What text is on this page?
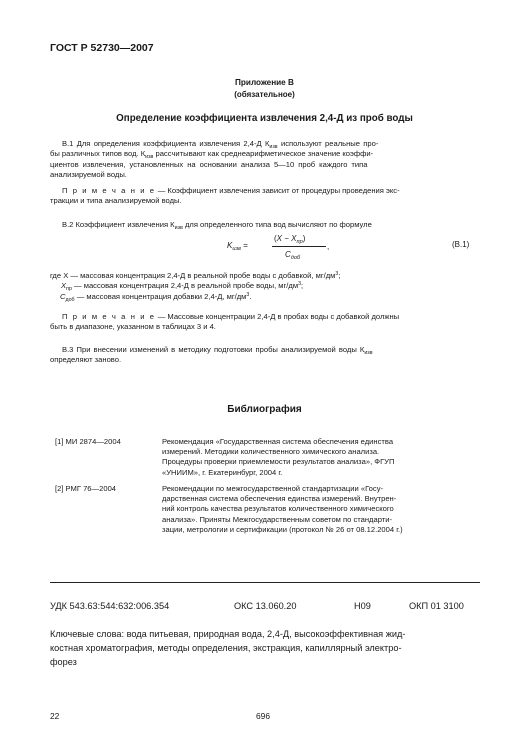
ГОСТ Р 52730—2007
Приложение В
(обязательное)
Определение коэффициента извлечения 2,4-Д из проб воды
В.1 Для определения коэффициента извлечения 2,4-Д $К_{изв}$ используют реальные про-
бы различных типов вод. $К_{изв}$ рассчитывают как среднеарифметическое значение коэффи-
циентов извлечения, установленных на основании анализа 5—10 проб каждого типа
анализируемой воды.
П р и м е ч а н и е — Коэффициент извлечения зависит от процедуры проведения экс-
тракции и типа анализируемой воды.
В.2 Коэффициент извлечения $К_{изв}$ для определенного типа вод вычисляют по формуле
$K_{изв}$ =
$(X - X_{пр})$
$C_{доб}$
,	(В.1)
где X — массовая концентрация 2,4-Д в реальной пробе воды с добавкой, $мг/дм^3$;
$X_{пр}$ — массовая концентрация 2,4-Д в реальной пробе воды, $мг/дм^3$;
$C_{доб}$ — массовая концентрация добавки 2,4-Д, $мг/дм^3$.
П р и м е ч а н и е — Массовые концентрации 2,4-Д в пробах воды с добавкой должны
быть в диапазоне, указанном в таблицах 3 и 4.
В.3 При внесении изменений в методику подготовки пробы анализируемой воды $К_{изв}$
определяют заново.
Библиография
[1] МИ 2874—2004	Рекомендация «Государственная система обеспечения единства
измерений. Методики количественного химического анализа.
Процедуры проверки приемлемости результатов анализа», ФГУП
«УНИИМ», г. Екатеринбург, 2004 г.
[2] РМГ 76—2004	Рекомендации по межгосударственной стандартизации «Госу-
дарственная система обеспечения единства измерений. Внутрен-
ний контроль качества результатов количественного химического
анализа». Приняты Межгосударственным советом по стандарти-
зации, метрологии и сертификации (протокол № 26 от 08.12.2004 г.)
УДК 543.63:544:632:006.354	ОКС 13.060.20	Н09	ОКП 01 3100
Ключевые слова: вода питьевая, природная вода, 2,4-Д, высокоэффективная жид-
костная хроматография, методы определения, экстракция, капиллярный электро-
форез
22	696
